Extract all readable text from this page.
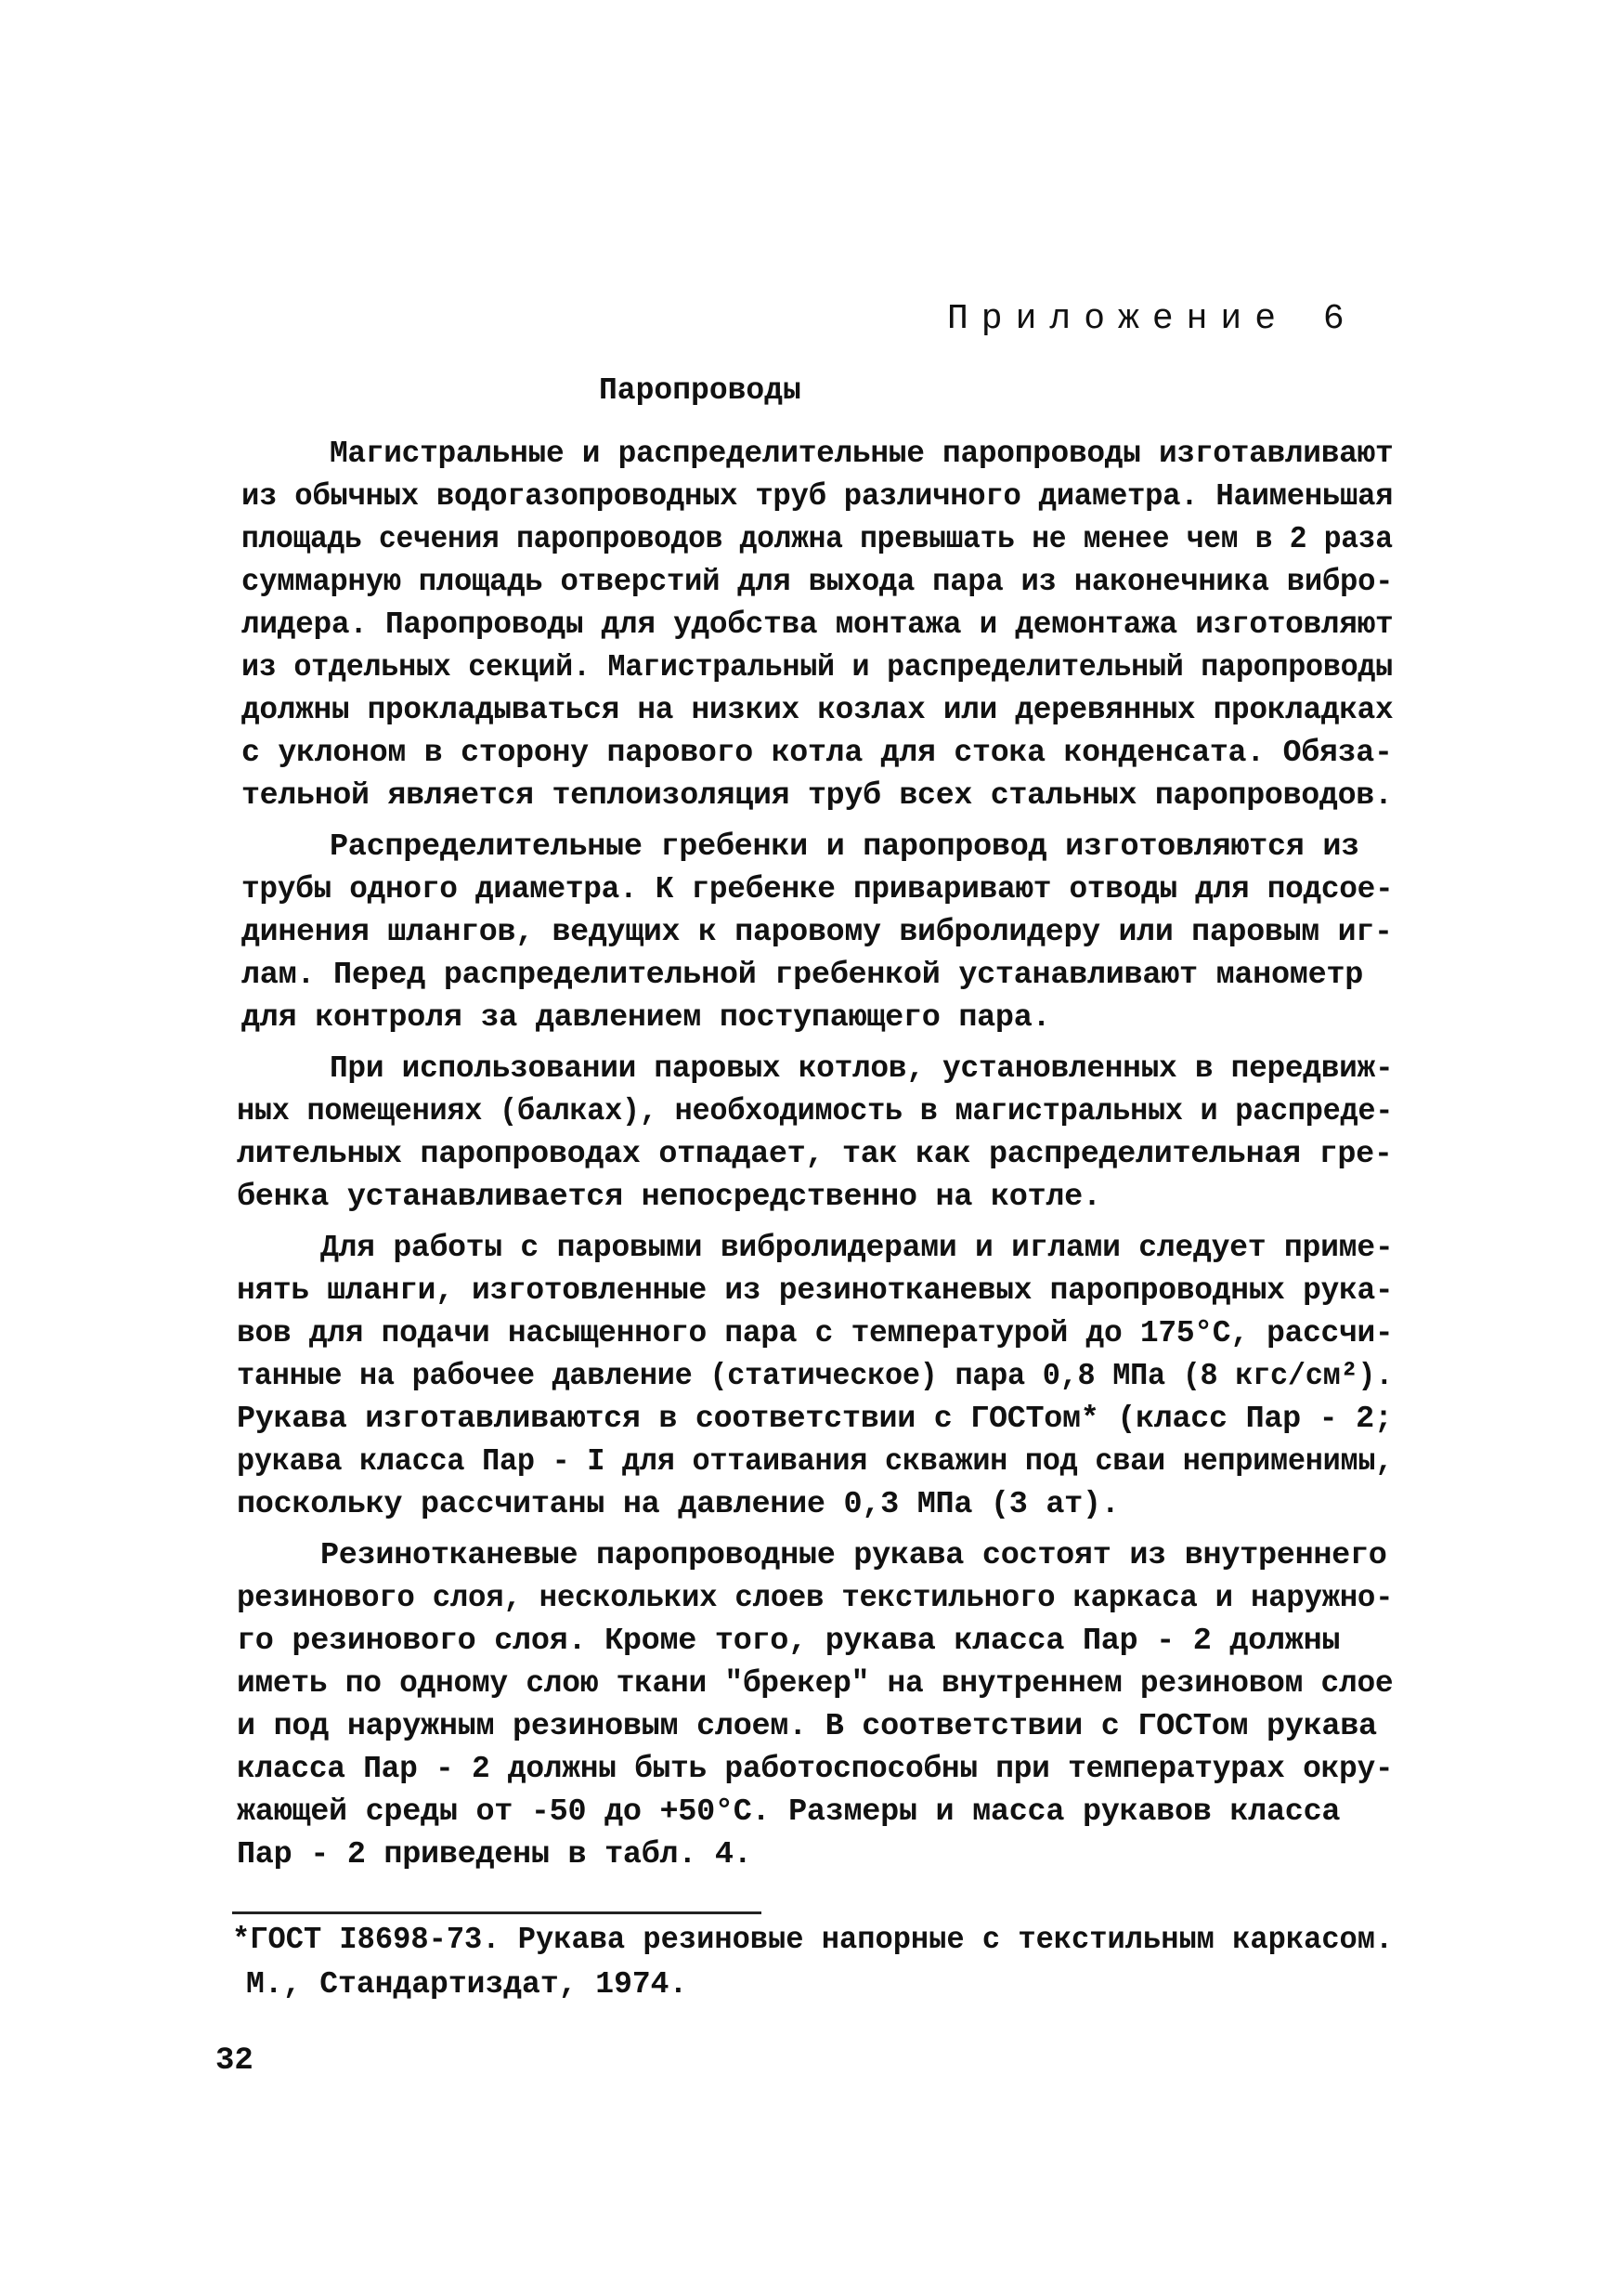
Приложение 6
Паропроводы
Магистральные и распределительные паропроводы изготавливают
из обычных водогазопроводных труб различного диаметра. Наименьшая
площадь сечения паропроводов должна превышать не менее чем в 2 раза
суммарную площадь отверстий для выхода пара из наконечника вибро-
лидера. Паропроводы для удобства монтажа и демонтажа изготовляют
из отдельных секций. Магистральный и распределительный паропроводы
должны прокладываться на низких козлах или деревянных прокладках
с уклоном в сторону парового котла для стока конденсата. Обяза-
тельной является теплоизоляция труб всех стальных паропроводов.
Распределительные гребенки и паропровод изготовляются из
трубы одного диаметра. К гребенке приваривают отводы для подсое-
динения шлангов, ведущих к паровому вибролидеру или паровым иг-
лам. Перед распределительной гребенкой устанавливают манометр
для контроля за давлением поступающего пара.
При использовании паровых котлов, установленных в передвиж-
ных помещениях (балках), необходимость в магистральных и распреде-
лительных паропроводах отпадает, так как распределительная гре-
бенка устанавливается непосредственно на котле.
Для работы с паровыми вибролидерами и иглами следует приме-
нять шланги, изготовленные из резинотканевых паропроводных рука-
вов для подачи насыщенного пара с температурой до 175°С, рассчи-
танные на рабочее давление (статическое) пара 0,8 МПа (8 кгс/см²).
Рукава изготавливаются в соответствии с ГОСТом* (класс Пар - 2;
рукава класса Пар - I для оттаивания скважин под сваи неприменимы,
поскольку рассчитаны на давление 0,3 МПа (3 ат).
Резинотканевые паропроводные рукава состоят из внутреннего
резинового слоя, нескольких слоев текстильного каркаса и наружно-
го резинового слоя. Кроме того, рукава класса Пар - 2 должны
иметь по одному слою ткани "брекер" на внутреннем резиновом слое
и под наружным резиновым слоем. В соответствии с ГОСТом рукава
класса Пар - 2 должны быть работоспособны при температурах окру-
жающей среды от -50 до +50°С. Размеры и масса рукавов класса
Пар - 2 приведены в табл. 4.
*ГОСТ I8698-73. Рукава резиновые напорные с текстильным каркасом.
М., Стандартиздат, 1974.
32
